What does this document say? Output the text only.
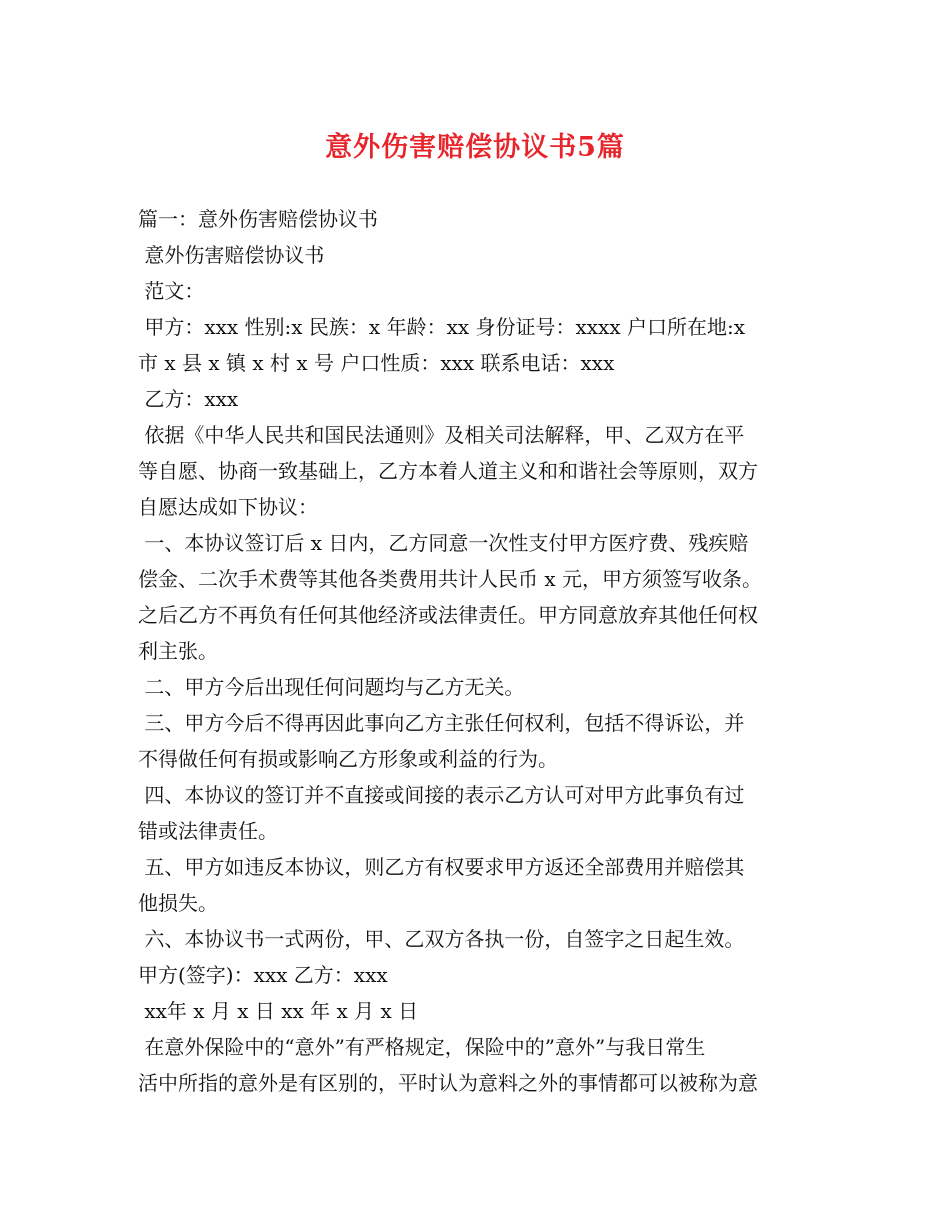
意外伤害赔偿协议书5篇
篇一：意外伤害赔偿协议书
意外伤害赔偿协议书
范文：
甲方：xxx 性别:x 民族：x 年龄：xx 身份证号：xxxx 户口所在地:x
市 x 县 x 镇 x 村 x 号 户口性质：xxx 联系电话：xxx
乙方：xxx
依据《中华人民共和国民法通则》及相关司法解释，甲、乙双方在平
等自愿、协商一致基础上，乙方本着人道主义和和谐社会等原则，双方
自愿达成如下协议：
一、本协议签订后 x 日内，乙方同意一次性支付甲方医疗费、残疾赔
偿金、二次手术费等其他各类费用共计人民币 x 元，甲方须签写收条。
之后乙方不再负有任何其他经济或法律责任。甲方同意放弃其他任何权
利主张。
二、甲方今后出现任何问题均与乙方无关。
三、甲方今后不得再因此事向乙方主张任何权利，包括不得诉讼，并
不得做任何有损或影响乙方形象或利益的行为。
四、本协议的签订并不直接或间接的表示乙方认可对甲方此事负有过
错或法律责任。
五、甲方如违反本协议，则乙方有权要求甲方返还全部费用并赔偿其
他损失。
六、本协议书一式两份，甲、乙双方各执一份，自签字之日起生效。
甲方(签字)：xxx 乙方：xxx
xx年 x 月 x 日 xx 年 x 月 x 日
在意外保险中的“意外”有严格规定，保险中的”意外”与我日常生
活中所指的意外是有区别的，平时认为意料之外的事情都可以被称为意
